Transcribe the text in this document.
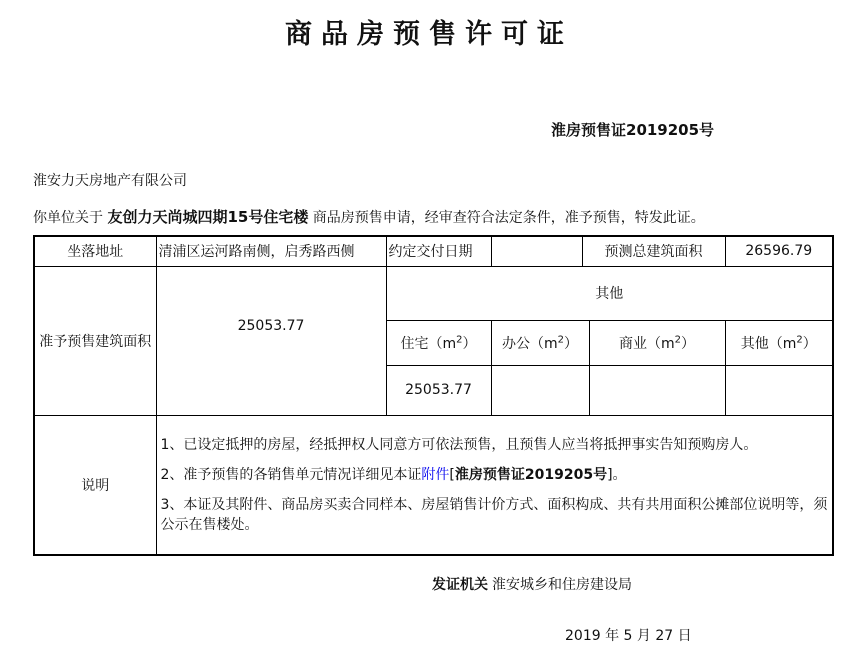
商品房预售许可证
淮房预售证2019205号
淮安力天房地产有限公司
你单位关于 友创力天尚城四期15号住宅楼 商品房预售申请，经审查符合法定条件，准予预售，特发此证。
坐落地址	清浦区运河路南侧，启秀路西侧	约定交付日期		预测总建筑面积		26596.79
准予预售建筑面积	25053.77	其他				
		住宅$(m^2)$	办公$(m^2)$		商业$(m^2)$	其他$(m^2)$
		25053.77				
说明	1、已设定抵押的房屋，经抵押权人同意方可依法预售，且预售人应当将抵押事实告知预购房人。

2、准予预售的各销售单元情况详细见本证附件[淮房预售证2019205号]。

3、本证及其附件、商品房买卖合同样本、房屋销售计价方式、面积构成、共有共用面积公摊部位说明等，须公示在售楼处。					

发证机关 淮安城乡和住房建设局
2019 年 5 月 27 日
